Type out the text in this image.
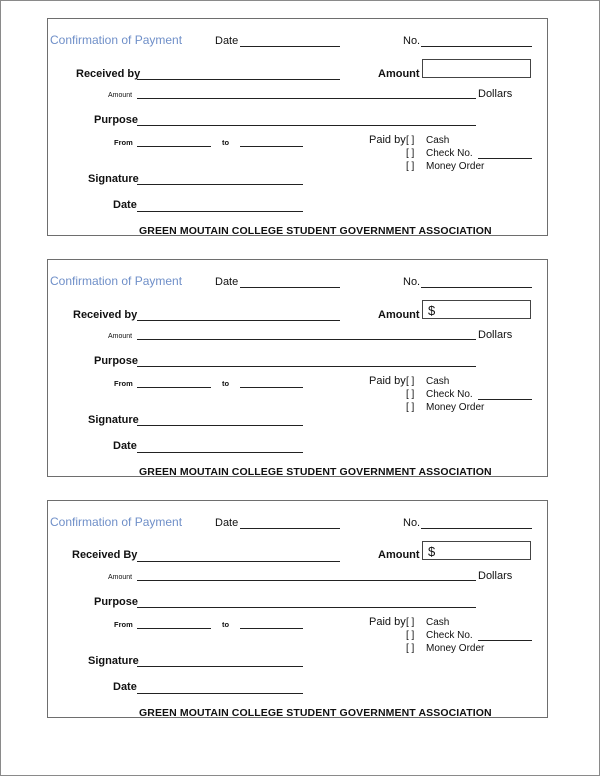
Confirmation of Payment	Date	No.
Received by	Amount
Amount	Dollars
Purpose
From	to	Paid by [ ] Cash
[ ] Check No.
[ ] Money Order
Signature
Date
GREEN MOUTAIN COLLEGE STUDENT GOVERNMENT ASSOCIATION
Confirmation of Payment	Date	No.
Received by	Amount $
Amount	Dollars
Purpose
From	to	Paid by [ ] Cash
[ ] Check No.
[ ] Money Order
Signature
Date
GREEN MOUTAIN COLLEGE STUDENT GOVERNMENT ASSOCIATION
Confirmation of Payment	Date	No.
Received By	Amount $
Amount	Dollars
Purpose
From	to	Paid by [ ] Cash
[ ] Check No.
[ ] Money Order
Signature
Date
GREEN MOUTAIN COLLEGE STUDENT GOVERNMENT ASSOCIATION
